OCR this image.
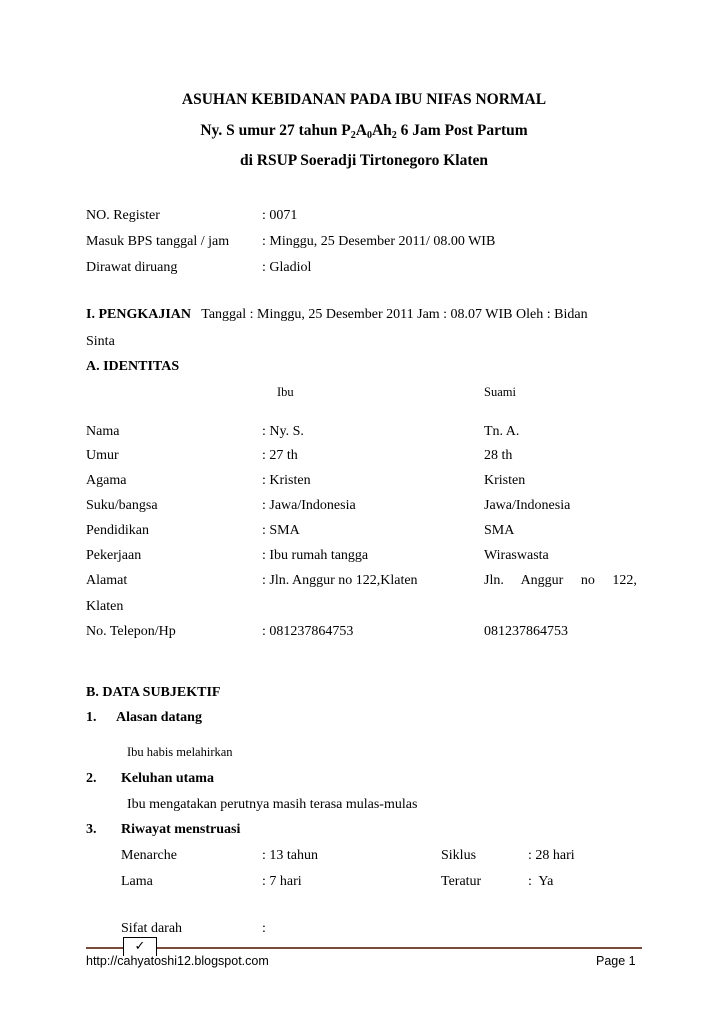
ASUHAN KEBIDANAN PADA IBU NIFAS NORMAL
Ny. S umur 27 tahun $P_2A_0Ah_2$ 6 Jam Post Partum
di RSUP Soeradji Tirtonegoro Klaten
NO. Register	: 0071
Masuk BPS tanggal / jam : Minggu, 25 Desember 2011/ 08.00 WIB
Dirawat diruang	: Gladiol
I. PENGKAJIAN Tanggal : Minggu, 25 Desember 2011 Jam : 08.07 WIB Oleh : Bidan
Sinta
A. IDENTITAS
Ibu	Suami
Nama	: Ny. S.	Tn. A.
Umur	: 27 th	28 th
Agama	: Kristen	Kristen
Suku/bangsa	: Jawa/Indonesia	Jawa/Indonesia
Pendidikan	: SMA	SMA
Pekerjaan	: Ibu rumah tangga	Wiraswasta
Alamat	: Jln. Anggur no 122,Klaten	Jln.     Anggur     no     122,
Klaten
No. Telepon/Hp	: 081237864753	081237864753
B. DATA SUBJEKTIF
1. Alasan datang
Ibu habis melahirkan
2. Keluhan utama
Ibu mengatakan perutnya masih terasa mulas-mulas
3. Riwayat menstruasi
Menarche	: 13 tahun	Siklus	: 28 hari
Lama	: 7 hari	Teratur	:  Ya
Sifat darah	:
✓
http://cahyatoshi12.blogspot.com	Page 1
